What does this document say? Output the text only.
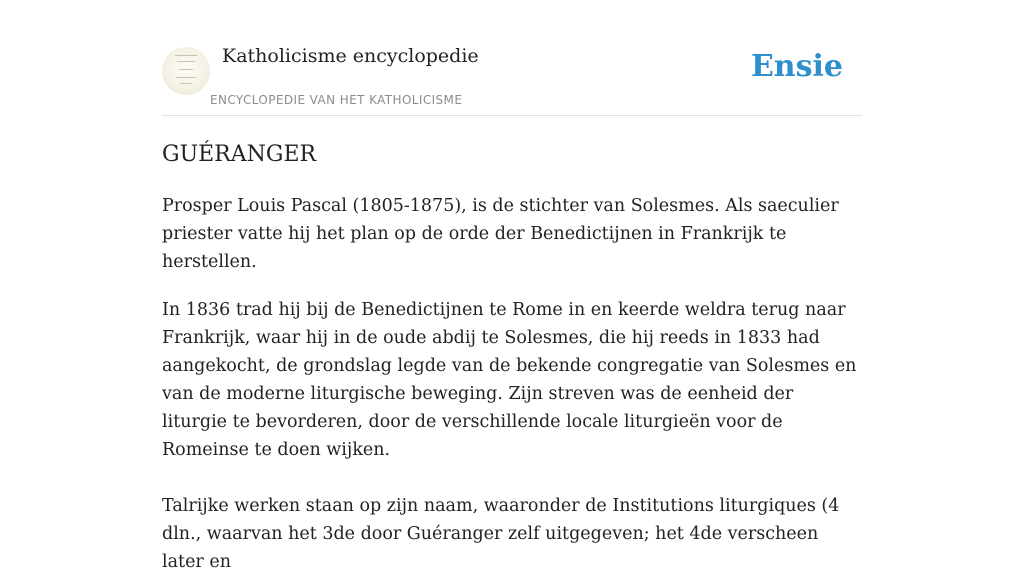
Katholicisme encyclopedie
ENCYCLOPEDIE VAN HET KATHOLICISME
Ensie
GUÉRANGER

Prosper Louis Pascal (1805-1875), is de stichter van Solesmes. Als saeculier priester vatte hij het plan op de orde der Benedictijnen in Frankrijk te herstellen.

In 1836 trad hij bij de Benedictijnen te Rome in en keerde weldra terug naar Frankrijk, waar hij in de oude abdij te Solesmes, die hij reeds in 1833 had aangekocht, de grondslag legde van de bekende congregatie van Solesmes en van de moderne liturgische beweging. Zijn streven was de eenheid der liturgie te bevorderen, door de verschillende locale liturgieën voor de Romeinse te doen wijken.

Talrijke werken staan op zijn naam, waaronder de Institutions liturgiques (4 dln., waarvan het 3de door Guéranger zelf uitgegeven; het 4de verscheen later en
